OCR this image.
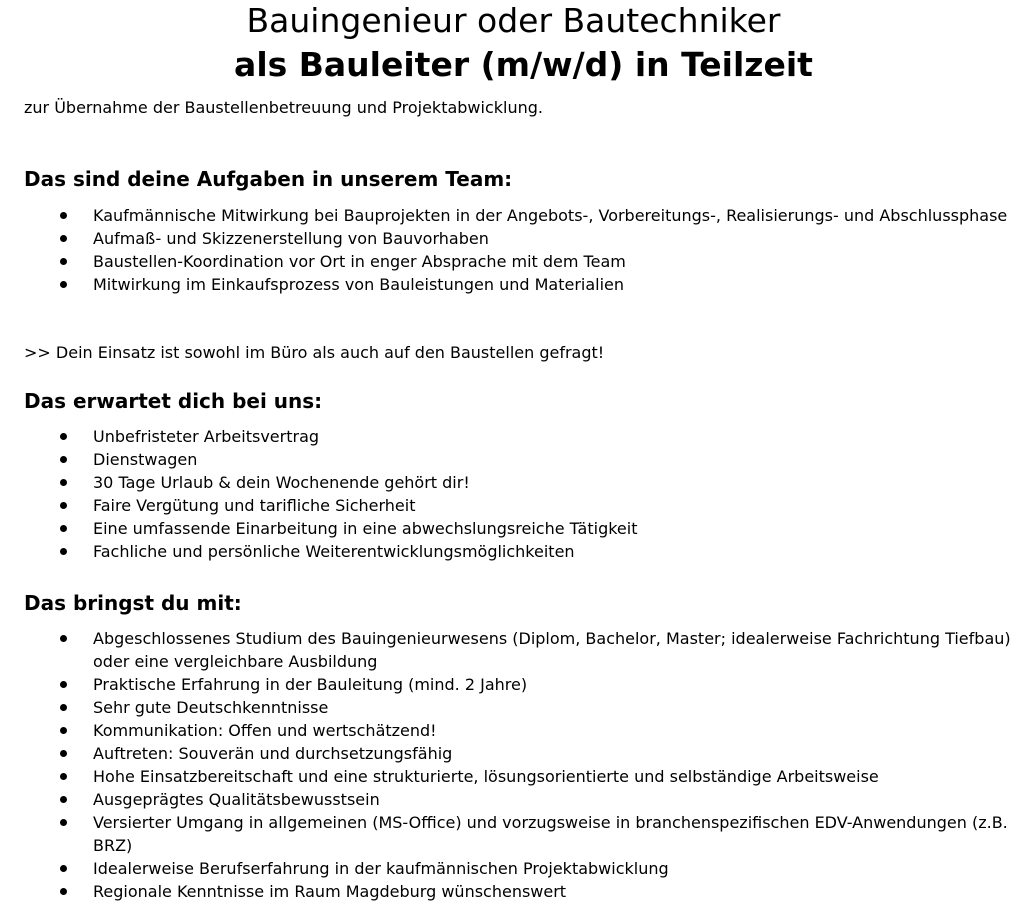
Bauingenieur oder Bautechniker
als Bauleiter (m/w/d) in Teilzeit

zur Übernahme der Baustellenbetreuung und Projektabwicklung.

Das sind deine Aufgaben in unserem Team:
Kaufmännische Mitwirkung bei Bauprojekten in der Angebots-, Vorbereitungs-, Realisierungs- und Abschlussphase
Aufmaß- und Skizzenerstellung von Bauvorhaben
Baustellen-Koordination vor Ort in enger Absprache mit dem Team
Mitwirkung im Einkaufsprozess von Bauleistungen und Materialien

>> Dein Einsatz ist sowohl im Büro als auch auf den Baustellen gefragt!

Das erwartet dich bei uns:
Unbefristeter Arbeitsvertrag
Dienstwagen
30 Tage Urlaub & dein Wochenende gehört dir!
Faire Vergütung und tarifliche Sicherheit
Eine umfassende Einarbeitung in eine abwechslungsreiche Tätigkeit
Fachliche und persönliche Weiterentwicklungsmöglichkeiten
Das bringst du mit:
Abgeschlossenes Studium des Bauingenieurwesens (Diplom, Bachelor, Master; idealerweise Fachrichtung Tiefbau) oder eine vergleichbare Ausbildung
Praktische Erfahrung in der Bauleitung (mind. 2 Jahre)
Sehr gute Deutschkenntnisse
Kommunikation: Offen und wertschätzend!
Auftreten: Souverän und durchsetzungsfähig
Hohe Einsatzbereitschaft und eine strukturierte, lösungsorientierte und selbständige Arbeitsweise
Ausgeprägtes Qualitätsbewusstsein
Versierter Umgang in allgemeinen (MS-Office) und vorzugsweise in branchenspezifischen EDV-Anwendungen (z.B. BRZ)
Idealerweise Berufserfahrung in der kaufmännischen Projektabwicklung
Regionale Kenntnisse im Raum Magdeburg wünschenswert
